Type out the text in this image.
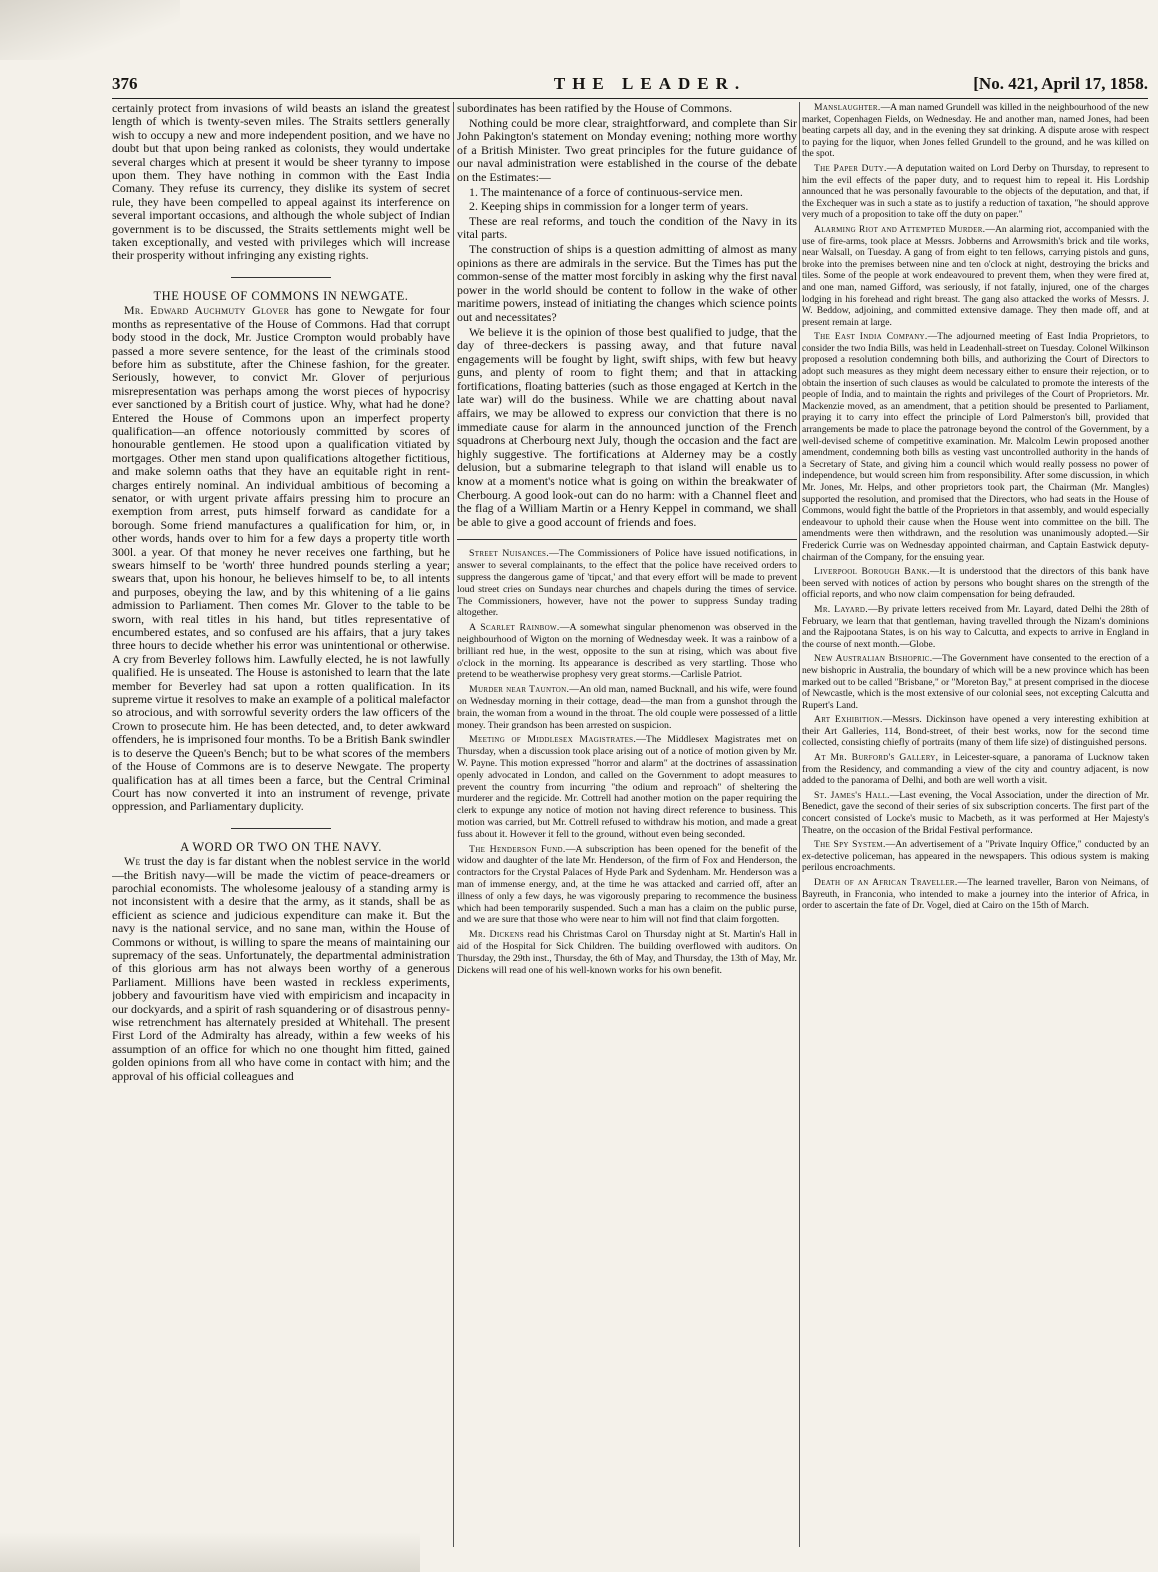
376	THE LEADER.	[No. 421, April 17, 1858.

certainly protect from invasions of wild beasts an island the greatest length of which is twenty-seven miles. The Straits settlers generally wish to occupy a new and more independent position, and we have no doubt but that upon being ranked as colonists, they would undertake several charges which at present it would be sheer tyranny to impose upon them. They have nothing in common with the East India Comany. They refuse its currency, they dislike its system of secret rule, they have been compelled to appeal against its interference on several important occasions, and although the whole subject of Indian government is to be discussed, the Straits settlements might well be taken exceptionally, and vested with privileges which will increase their prosperity without infringing any existing rights.

THE HOUSE OF COMMONS IN NEWGATE.

Mr. Edward Auchmuty Glover has gone to Newgate for four months as representative of the House of Commons. Had that corrupt body stood in the dock, Mr. Justice Crompton would probably have passed a more severe sentence, for the least of the criminals stood before him as substitute, after the Chinese fashion, for the greater. Seriously, however, to convict Mr. Glover of perjurious misrepresentation was perhaps among the worst pieces of hypocrisy ever sanctioned by a British court of justice. Why, what had he done? Entered the House of Commons upon an imperfect property qualification—an offence notoriously committed by scores of honourable gentlemen. He stood upon a qualification vitiated by mortgages. Other men stand upon qualifications altogether fictitious, and make solemn oaths that they have an equitable right in rent-charges entirely nominal. An individual ambitious of becoming a senator, or with urgent private affairs pressing him to procure an exemption from arrest, puts himself forward as candidate for a borough. Some friend manufactures a qualification for him, or, in other words, hands over to him for a few days a property title worth 300l. a year. Of that money he never receives one farthing, but he swears himself to be 'worth' three hundred pounds sterling a year; swears that, upon his honour, he believes himself to be, to all intents and purposes, obeying the law, and by this whitening of a lie gains admission to Parliament. Then comes Mr. Glover to the table to be sworn, with real titles in his hand, but titles representative of encumbered estates, and so confused are his affairs, that a jury takes three hours to decide whether his error was unintentional or otherwise. A cry from Beverley follows him. Lawfully elected, he is not lawfully qualified. He is unseated. The House is astonished to learn that the late member for Beverley had sat upon a rotten qualification. In its supreme virtue it resolves to make an example of a political malefactor so atrocious, and with sorrowful severity orders the law officers of the Crown to prosecute him. He has been detected, and, to deter awkward offenders, he is imprisoned four months. To be a British Bank swindler is to deserve the Queen's Bench; but to be what scores of the members of the House of Commons are is to deserve Newgate. The property qualification has at all times been a farce, but the Central Criminal Court has now converted it into an instrument of revenge, private oppression, and Parliamentary duplicity.

A WORD OR TWO ON THE NAVY.

We trust the day is far distant when the noblest service in the world—the British navy—will be made the victim of peace-dreamers or parochial economists. The wholesome jealousy of a standing army is not inconsistent with a desire that the army, as it stands, shall be as efficient as science and judicious expenditure can make it. But the navy is the national service, and no sane man, within the House of Commons or without, is willing to spare the means of maintaining our supremacy of the seas. Unfortunately, the departmental administration of this glorious arm has not always been worthy of a generous Parliament. Millions have been wasted in reckless experiments, jobbery and favouritism have vied with empiricism and incapacity in our dockyards, and a spirit of rash squandering or of disastrous penny-wise retrenchment has alternately presided at Whitehall. The present First Lord of the Admiralty has already, within a few weeks of his assumption of an office for which no one thought him fitted, gained golden opinions from all who have come in contact with him; and the approval of his official colleagues and

subordinates has been ratified by the House of Commons.

Nothing could be more clear, straightforward, and complete than Sir John Pakington's statement on Monday evening; nothing more worthy of a British Minister. Two great principles for the future guidance of our naval administration were established in the course of the debate on the Estimates:—

1. The maintenance of a force of continuous-service men.

2. Keeping ships in commission for a longer term of years.

These are real reforms, and touch the condition of the Navy in its vital parts.

The construction of ships is a question admitting of almost as many opinions as there are admirals in the service. But the Times has put the common-sense of the matter most forcibly in asking why the first naval power in the world should be content to follow in the wake of other maritime powers, instead of initiating the changes which science points out and necessitates?

We believe it is the opinion of those best qualified to judge, that the day of three-deckers is passing away, and that future naval engagements will be fought by light, swift ships, with few but heavy guns, and plenty of room to fight them; and that in attacking fortifications, floating batteries (such as those engaged at Kertch in the late war) will do the business. While we are chatting about naval affairs, we may be allowed to express our conviction that there is no immediate cause for alarm in the announced junction of the French squadrons at Cherbourg next July, though the occasion and the fact are highly suggestive. The fortifications at Alderney may be a costly delusion, but a submarine telegraph to that island will enable us to know at a moment's notice what is going on within the breakwater of Cherbourg. A good look-out can do no harm: with a Channel fleet and the flag of a William Martin or a Henry Keppel in command, we shall be able to give a good account of friends and foes.

Street Nuisances.—The Commissioners of Police have issued notifications, in answer to several complainants, to the effect that the police have received orders to suppress the dangerous game of 'tipcat,' and that every effort will be made to prevent loud street cries on Sundays near churches and chapels during the times of service. The Commissioners, however, have not the power to suppress Sunday trading altogether.

A Scarlet Rainbow.—A somewhat singular phenomenon was observed in the neighbourhood of Wigton on the morning of Wednesday week. It was a rainbow of a brilliant red hue, in the west, opposite to the sun at rising, which was about five o'clock in the morning. Its appearance is described as very startling. Those who pretend to be weatherwise prophesy very great storms.—Carlisle Patriot.

Murder near Taunton.—An old man, named Bucknall, and his wife, were found on Wednesday morning in their cottage, dead—the man from a gunshot through the brain, the woman from a wound in the throat. The old couple were possessed of a little money. Their grandson has been arrested on suspicion.

Meeting of Middlesex Magistrates.—The Middlesex Magistrates met on Thursday, when a discussion took place arising out of a notice of motion given by Mr. W. Payne. This motion expressed "horror and alarm" at the doctrines of assassination openly advocated in London, and called on the Government to adopt measures to prevent the country from incurring "the odium and reproach" of sheltering the murderer and the regicide. Mr. Cottrell had another motion on the paper requiring the clerk to expunge any notice of motion not having direct reference to business. This motion was carried, but Mr. Cottrell refused to withdraw his motion, and made a great fuss about it. However it fell to the ground, without even being seconded.

The Henderson Fund.—A subscription has been opened for the benefit of the widow and daughter of the late Mr. Henderson, of the firm of Fox and Henderson, the contractors for the Crystal Palaces of Hyde Park and Sydenham. Mr. Henderson was a man of immense energy, and, at the time he was attacked and carried off, after an illness of only a few days, he was vigorously preparing to recommence the business which had been temporarily suspended. Such a man has a claim on the public purse, and we are sure that those who were near to him will not find that claim forgotten.

Mr. Dickens read his Christmas Carol on Thursday night at St. Martin's Hall in aid of the Hospital for Sick Children. The building overflowed with auditors. On Thursday, the 29th inst., Thursday, the 6th of May, and Thursday, the 13th of May, Mr. Dickens will read one of his well-known works for his own benefit.

Manslaughter.—A man named Grundell was killed in the neighbourhood of the new market, Copenhagen Fields, on Wednesday. He and another man, named Jones, had been beating carpets all day, and in the evening they sat drinking. A dispute arose with respect to paying for the liquor, when Jones felled Grundell to the ground, and he was killed on the spot.

The Paper Duty.—A deputation waited on Lord Derby on Thursday, to represent to him the evil effects of the paper duty, and to request him to repeal it. His Lordship announced that he was personally favourable to the objects of the deputation, and that, if the Exchequer was in such a state as to justify a reduction of taxation, "he should approve very much of a proposition to take off the duty on paper."

Alarming Riot and Attempted Murder.—An alarming riot, accompanied with the use of fire-arms, took place at Messrs. Jobberns and Arrowsmith's brick and tile works, near Walsall, on Tuesday. A gang of from eight to ten fellows, carrying pistols and guns, broke into the premises between nine and ten o'clock at night, destroying the bricks and tiles. Some of the people at work endeavoured to prevent them, when they were fired at, and one man, named Gifford, was seriously, if not fatally, injured, one of the charges lodging in his forehead and right breast. The gang also attacked the works of Messrs. J. W. Beddow, adjoining, and committed extensive damage. They then made off, and at present remain at large.

The East India Company.—The adjourned meeting of East India Proprietors, to consider the two India Bills, was held in Leadenhall-street on Tuesday. Colonel Wilkinson proposed a resolution condemning both bills, and authorizing the Court of Directors to adopt such measures as they might deem necessary either to ensure their rejection, or to obtain the insertion of such clauses as would be calculated to promote the interests of the people of India, and to maintain the rights and privileges of the Court of Proprietors. Mr. Mackenzie moved, as an amendment, that a petition should be presented to Parliament, praying it to carry into effect the principle of Lord Palmerston's bill, provided that arrangements be made to place the patronage beyond the control of the Government, by a well-devised scheme of competitive examination. Mr. Malcolm Lewin proposed another amendment, condemning both bills as vesting vast uncontrolled authority in the hands of a Secretary of State, and giving him a council which would really possess no power of independence, but would screen him from responsibility. After some discussion, in which Mr. Jones, Mr. Helps, and other proprietors took part, the Chairman (Mr. Mangles) supported the resolution, and promised that the Directors, who had seats in the House of Commons, would fight the battle of the Proprietors in that assembly, and would especially endeavour to uphold their cause when the House went into committee on the bill. The amendments were then withdrawn, and the resolution was unanimously adopted.—Sir Frederick Currie was on Wednesday appointed chairman, and Captain Eastwick deputy-chairman of the Company, for the ensuing year.

Liverpool Borough Bank.—It is understood that the directors of this bank have been served with notices of action by persons who bought shares on the strength of the official reports, and who now claim compensation for being defrauded.

Mr. Layard.—By private letters received from Mr. Layard, dated Delhi the 28th of February, we learn that that gentleman, having travelled through the Nizam's dominions and the Rajpootana States, is on his way to Calcutta, and expects to arrive in England in the course of next month.—Globe.

New Australian Bishopric.—The Government have consented to the erection of a new bishopric in Australia, the boundary of which will be a new province which has been marked out to be called "Brisbane," or "Moreton Bay," at present comprised in the diocese of Newcastle, which is the most extensive of our colonial sees, not excepting Calcutta and Rupert's Land.

Art Exhibition.—Messrs. Dickinson have opened a very interesting exhibition at their Art Galleries, 114, Bond-street, of their best works, now for the second time collected, consisting chiefly of portraits (many of them life size) of distinguished persons.

At Mr. Burford's Gallery, in Leicester-square, a panorama of Lucknow taken from the Residency, and commanding a view of the city and country adjacent, is now added to the panorama of Delhi, and both are well worth a visit.

St. James's Hall.—Last evening, the Vocal Association, under the direction of Mr. Benedict, gave the second of their series of six subscription concerts. The first part of the concert consisted of Locke's music to Macbeth, as it was performed at Her Majesty's Theatre, on the occasion of the Bridal Festival performance.

The Spy System.—An advertisement of a "Private Inquiry Office," conducted by an ex-detective policeman, has appeared in the newspapers. This odious system is making perilous encroachments.

Death of an African Traveller.—The learned traveller, Baron von Neimans, of Bayreuth, in Franconia, who intended to make a journey into the interior of Africa, in order to ascertain the fate of Dr. Vogel, died at Cairo on the 15th of March.
